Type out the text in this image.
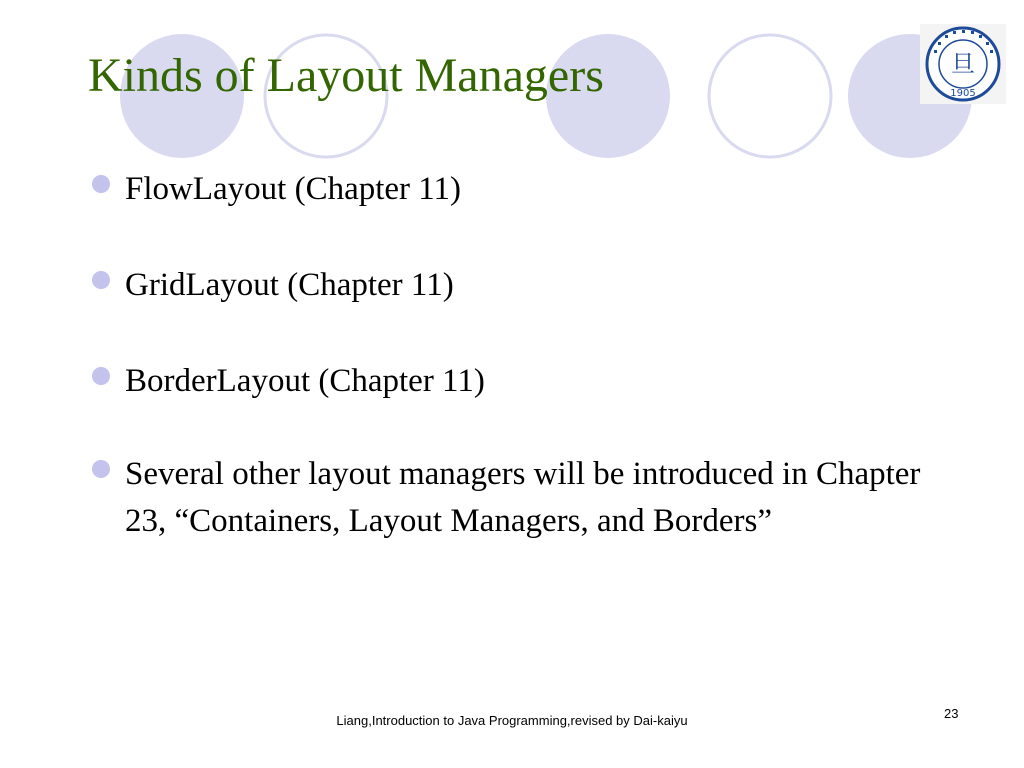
Kinds of Layout Managers	旦
1905
FlowLayout (Chapter 11)
GridLayout (Chapter 11)
BorderLayout (Chapter 11)
Several other layout managers will be introduced in Chapter 23, “Containers, Layout Managers, and Borders”
Liang,Introduction to Java Programming,revised by Dai-kaiyu	23
